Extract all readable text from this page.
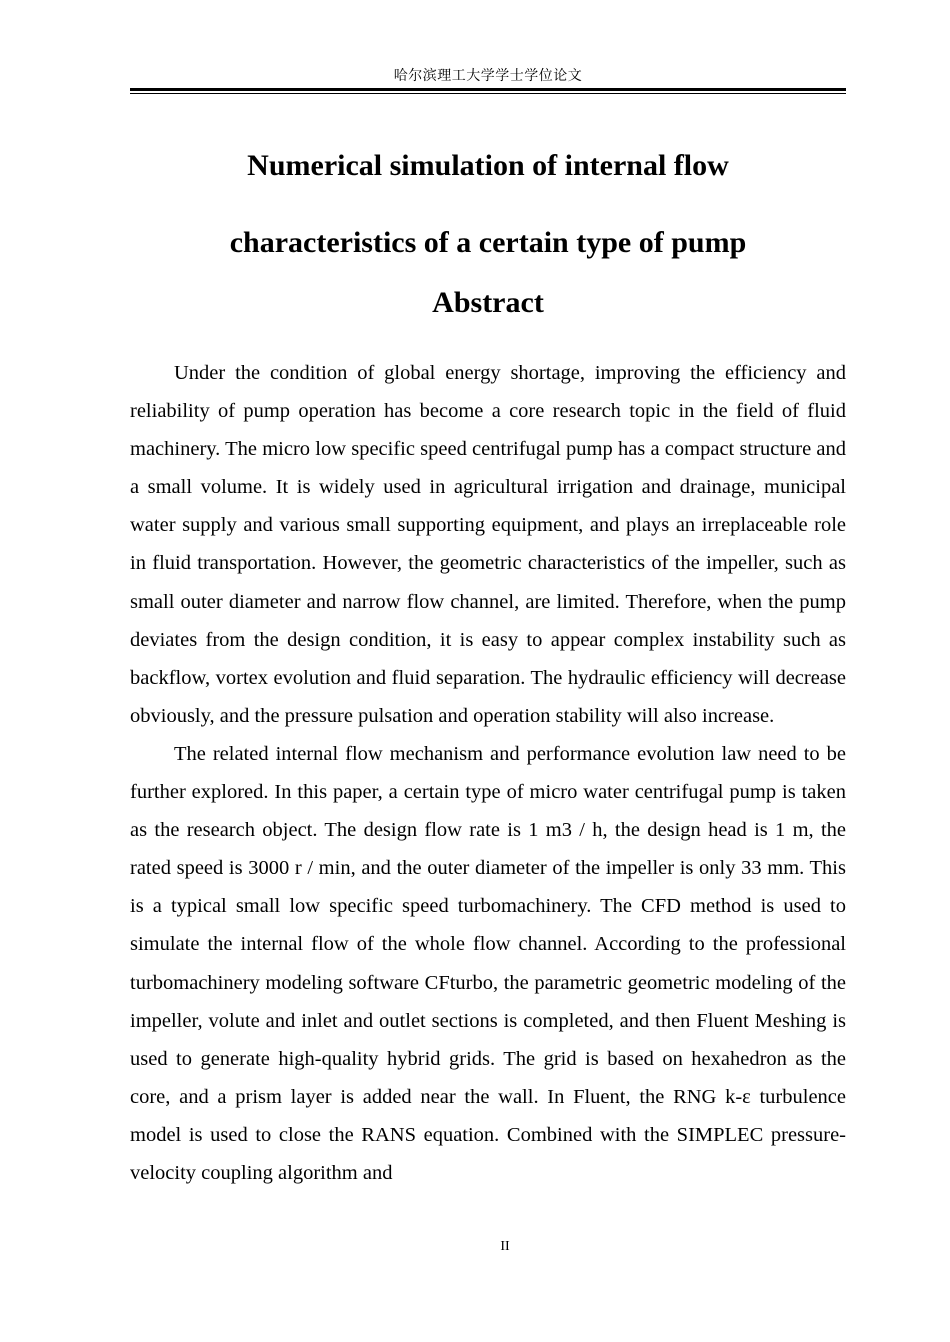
哈尔滨理工大学学士学位论文
Numerical simulation of internal flow
characteristics of a certain type of pump
Abstract

Under the condition of global energy shortage, improving the efficiency and reliability of pump operation has become a core research topic in the field of fluid machinery. The micro low specific speed centrifugal pump has a compact structure and a small volume. It is widely used in agricultural irrigation and drainage, municipal water supply and various small supporting equipment, and plays an irreplaceable role in fluid transportation. However, the geometric characteristics of the impeller, such as small outer diameter and narrow flow channel, are limited. Therefore, when the pump deviates from the design condition, it is easy to appear complex instability such as backflow, vortex evolution and fluid separation. The hydraulic efficiency will decrease obviously, and the pressure pulsation and operation stability will also increase.

The related internal flow mechanism and performance evolution law need to be further explored. In this paper, a certain type of micro water centrifugal pump is taken as the research object. The design flow rate is 1 m3 / h, the design head is 1 m, the rated speed is 3000 r / min, and the outer diameter of the impeller is only 33 mm. This is a typical small low specific speed turbomachinery. The CFD method is used to simulate the internal flow of the whole flow channel. According to the professional turbomachinery modeling software CFturbo, the parametric geometric modeling of the impeller, volute and inlet and outlet sections is completed, and then Fluent Meshing is used to generate high-quality hybrid grids. The grid is based on hexahedron as the core, and a prism layer is added near the wall. In Fluent, the RNG k-ε turbulence model is used to close the RANS equation. Combined with the SIMPLEC pressure-velocity coupling algorithm and

II
